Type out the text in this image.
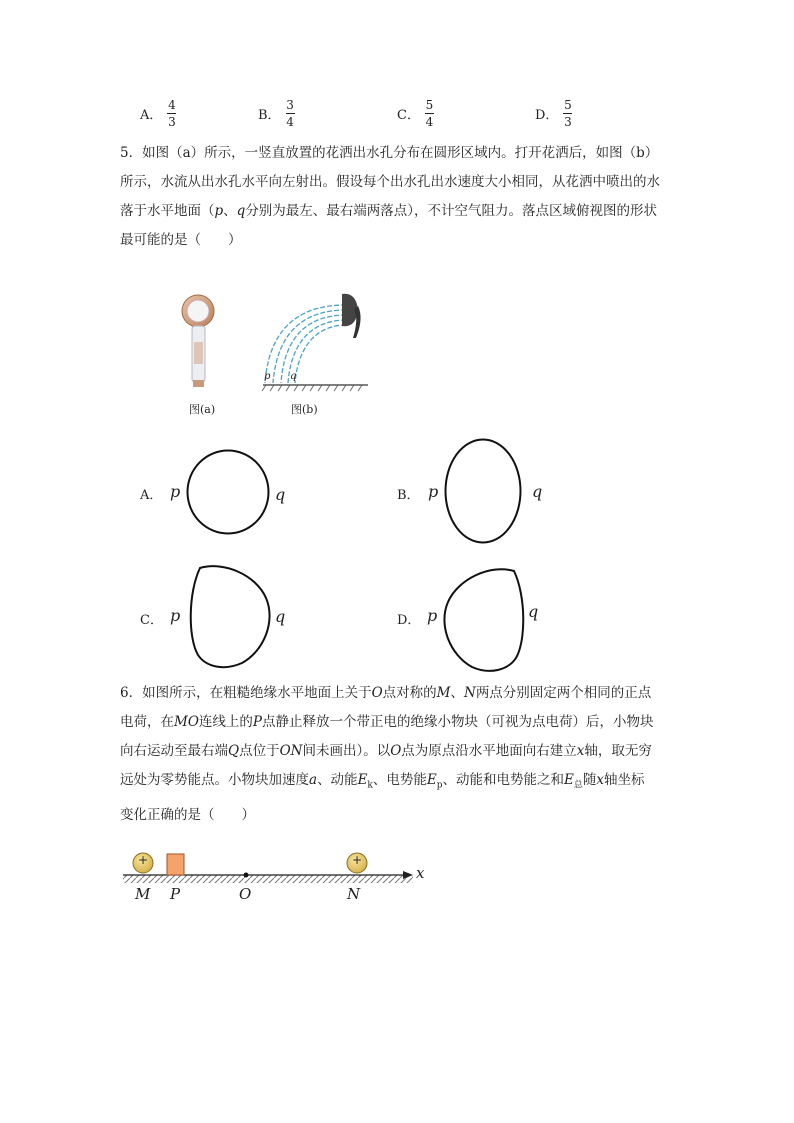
A． $\frac{4}{3}$	B． $\frac{3}{4}$	C． $\frac{5}{4}$	D． $\frac{5}{3}$
5．如图（a）所示，一竖直放置的花洒出水孔分布在圆形区域内。打开花洒后，如图（b）
所示，水流从出水孔水平向左射出。假设每个出水孔出水速度大小相同，从花洒中喷出的水
落于水平地面（p、q分别为最左、最右端两落点），不计空气阻力。落点区域俯视图的形状
最可能的是（　　）
图(a)
p q
图(b)
A． p	q	B． p	q
C． p	q	D． p	q
6．如图所示，在粗糙绝缘水平地面上关于O点对称的M、N两点分别固定两个相同的正点
电荷，在MO连线上的P点静止释放一个带正电的绝缘小物块（可视为点电荷）后，小物块
向右运动至最右端Q点位于ON间未画出）。以O点为原点沿水平地面向右建立x轴，取无穷
远处为零势能点。小物块加速度a、动能$E_k$、电势能$E_p$、动能和电势能之和$E_总$随x轴坐标
变化正确的是（　　）
+	+
x
M P	O	N
